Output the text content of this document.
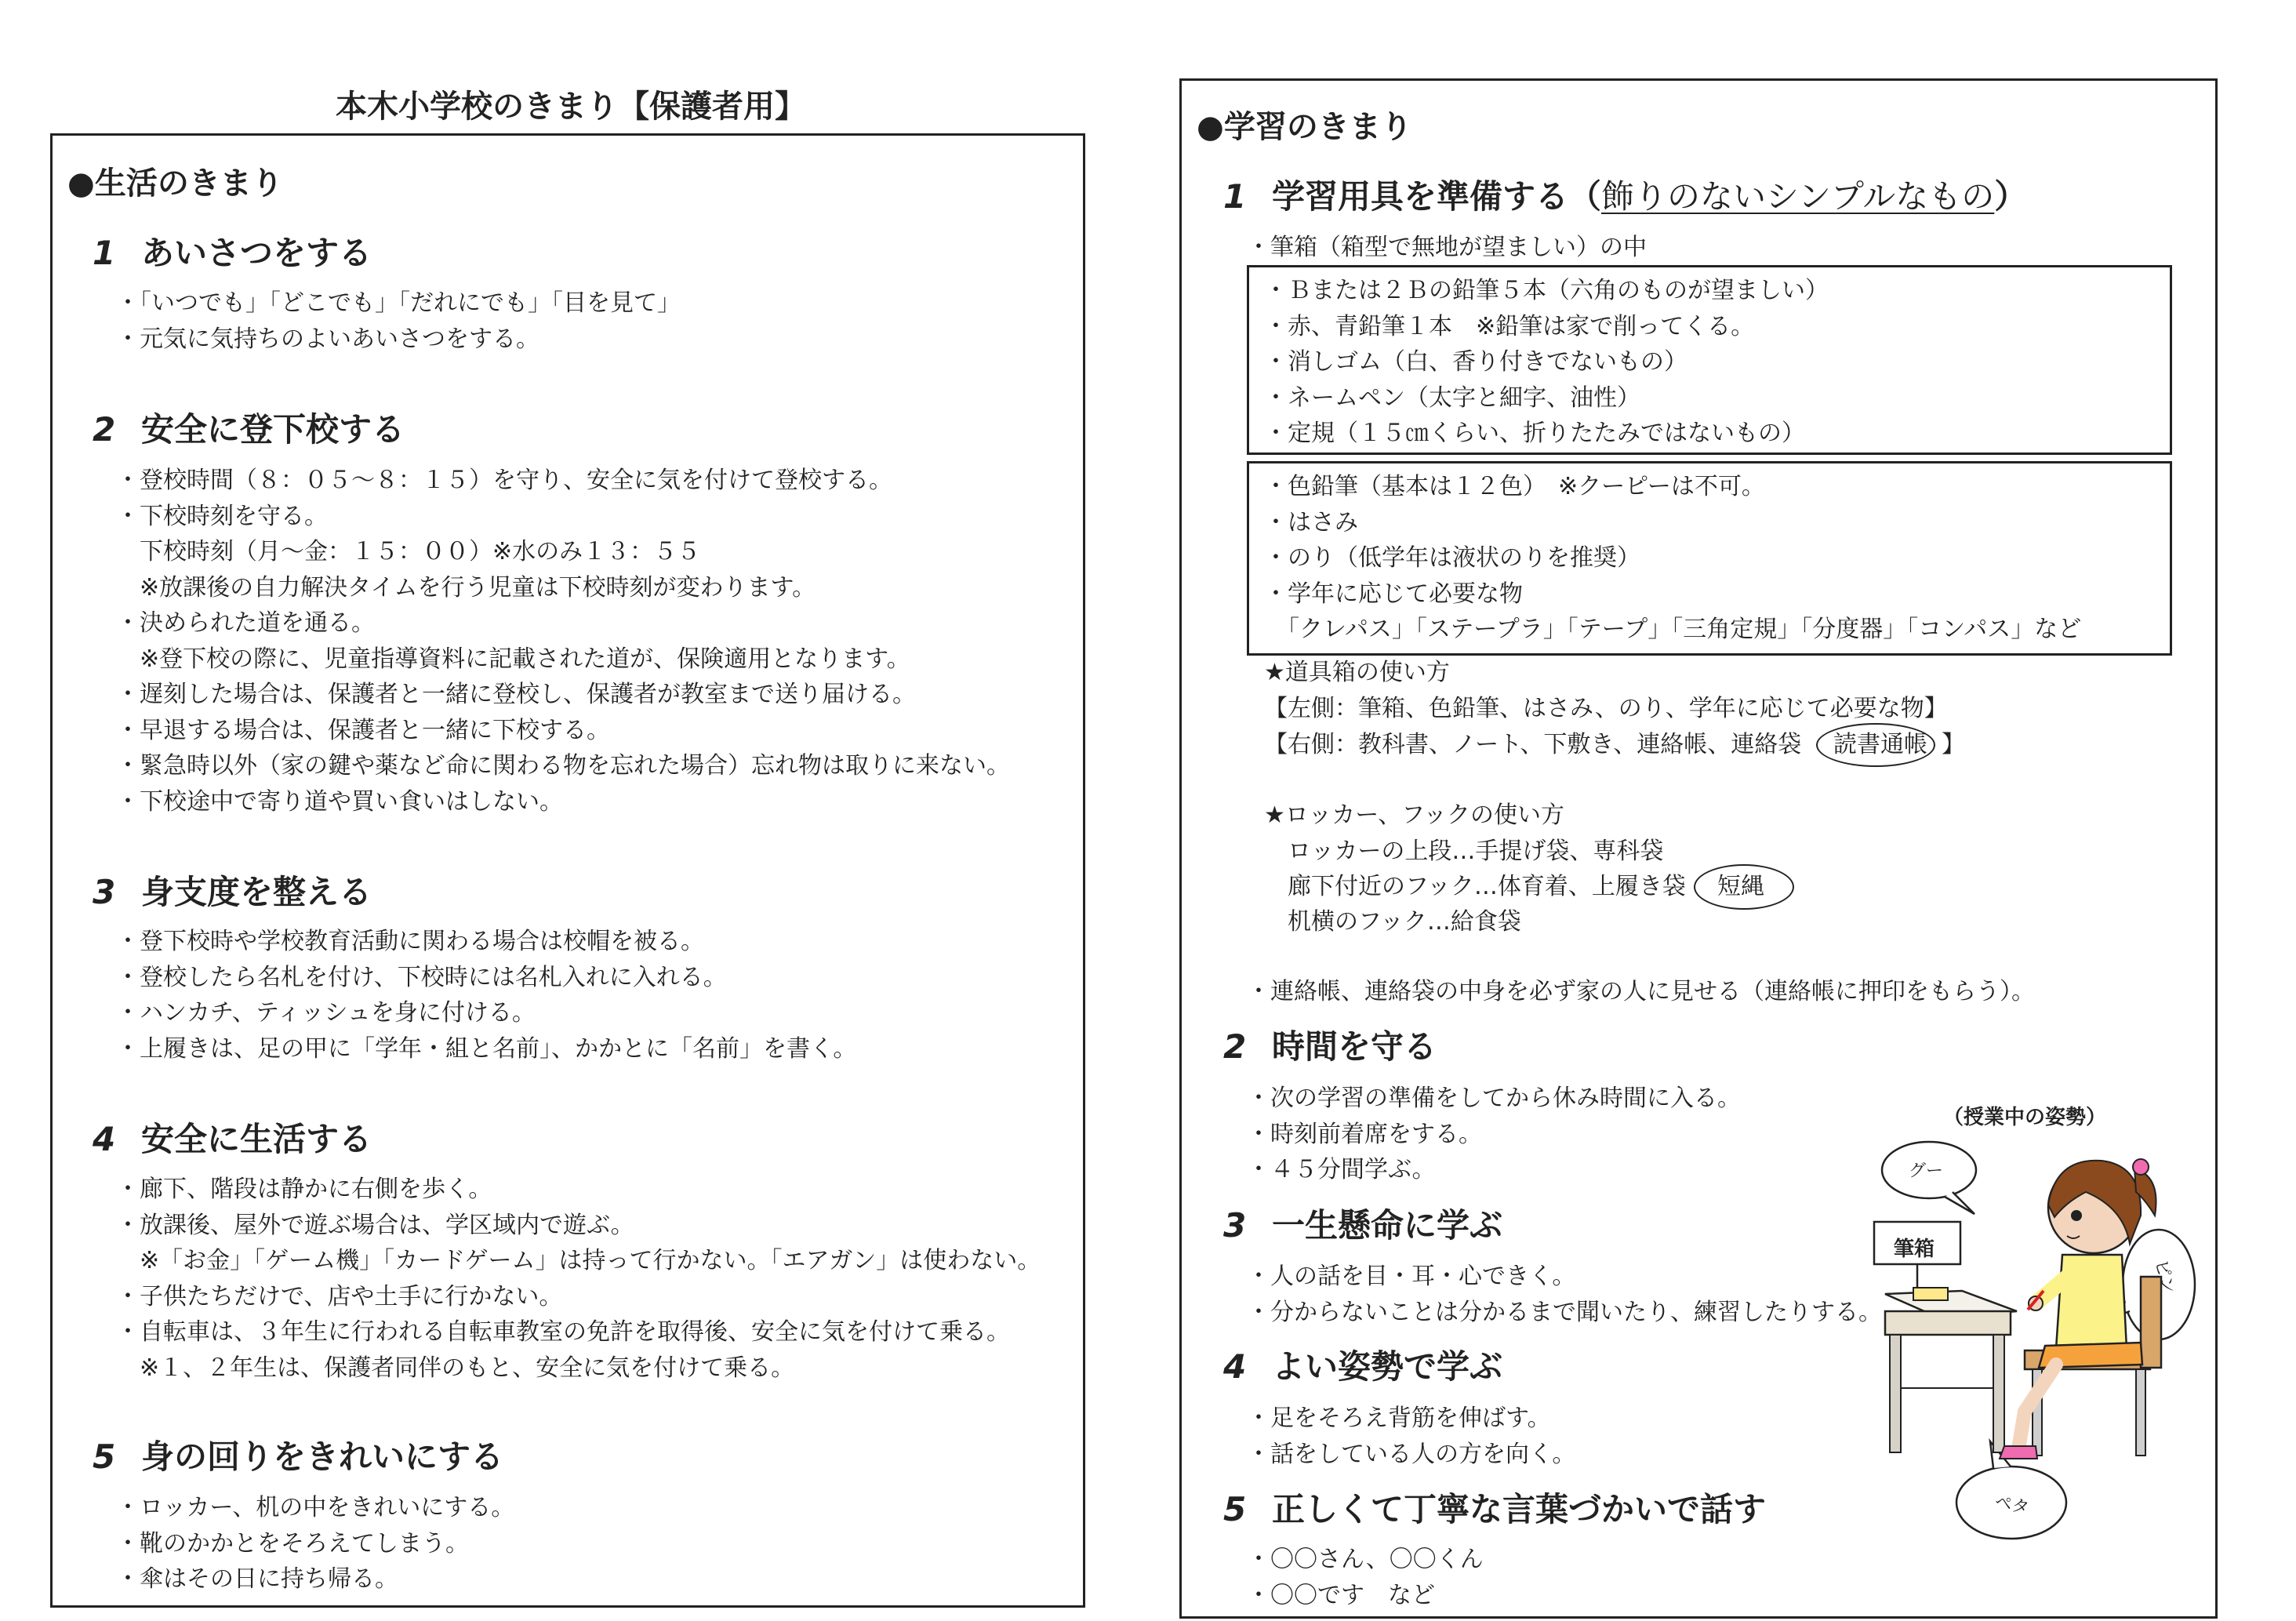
本木小学校のきまり【保護者用】
●生活のきまり
1 あいさつをする
・「いつでも」「どこでも」「だれにでも」「目を見て」
・元気に気持ちのよいあいさつをする。
2 安全に登下校する
・登校時間（８：０５～８：１５）を守り、安全に気を付けて登校する。
・下校時刻を守る。
　下校時刻（月～金：１５：００）※水のみ１３：５５
　※放課後の自力解決タイムを行う児童は下校時刻が変わります。
・決められた道を通る。
　※登下校の際に、児童指導資料に記載された道が、保険適用となります。
・遅刻した場合は、保護者と一緒に登校し、保護者が教室まで送り届ける。
・早退する場合は、保護者と一緒に下校する。
・緊急時以外（家の鍵や薬など命に関わる物を忘れた場合）忘れ物は取りに来ない。
・下校途中で寄り道や買い食いはしない。
3 身支度を整える
・登下校時や学校教育活動に関わる場合は校帽を被る。
・登校したら名札を付け、下校時には名札入れに入れる。
・ハンカチ、ティッシュを身に付ける。
・上履きは、足の甲に「学年・組と名前」、かかとに「名前」を書く。
4 安全に生活する
・廊下、階段は静かに右側を歩く。
・放課後、屋外で遊ぶ場合は、学区域内で遊ぶ。
　※「お金」「ゲーム機」「カードゲーム」は持って行かない。「エアガン」は使わない。
・子供たちだけで、店や土手に行かない。
・自転車は、３年生に行われる自転車教室の免許を取得後、安全に気を付けて乗る。
　※１、２年生は、保護者同伴のもと、安全に気を付けて乗る。
5 身の回りをきれいにする
・ロッカー、机の中をきれいにする。
・靴のかかとをそろえてしまう。
・傘はその日に持ち帰る。
●学習のきまり
1 学習用具を準備する（飾りのないシンプルなもの）
・筆箱（箱型で無地が望ましい）の中
・Ｂまたは２Ｂの鉛筆５本（六角のものが望ましい）
・赤、青鉛筆１本　※鉛筆は家で削ってくる。
・消しゴム（白、香り付きでないもの）
・ネームペン（太字と細字、油性）
・定規（１５㎝くらい、折りたたみではないもの）
・色鉛筆（基本は１２色）　※クーピーは不可。
・はさみ
・のり（低学年は液状のりを推奨）
・学年に応じて必要な物
　「クレパス」「ステープラ」「テープ」「三角定規」「分度器」「コンパス」など
★道具箱の使い方
【左側：筆箱、色鉛筆、はさみ、のり、学年に応じて必要な物】
【右側：教科書、ノート、下敷き、連絡帳、連絡袋 読書通帳 】
★ロッカー、フックの使い方
ロッカーの上段…手提げ袋、専科袋
廊下付近のフック…体育着、上履き袋 短縄
机横のフック…給食袋
・連絡帳、連絡袋の中身を必ず家の人に見せる（連絡帳に押印をもらう）。
2 時間を守る
・次の学習の準備をしてから休み時間に入る。
・時刻前着席をする。
・４５分間学ぶ。
3 一生懸命に学ぶ
・人の話を目・耳・心できく。
・分からないことは分かるまで聞いたり、練習したりする。
4 よい姿勢で学ぶ
・足をそろえ背筋を伸ばす。
・話をしている人の方を向く。
5 正しくて丁寧な言葉づかいで話す
・〇〇さん、〇〇くん
・〇〇です　など
（授業中の姿勢）
グー
筆箱
ピン
ペタ
